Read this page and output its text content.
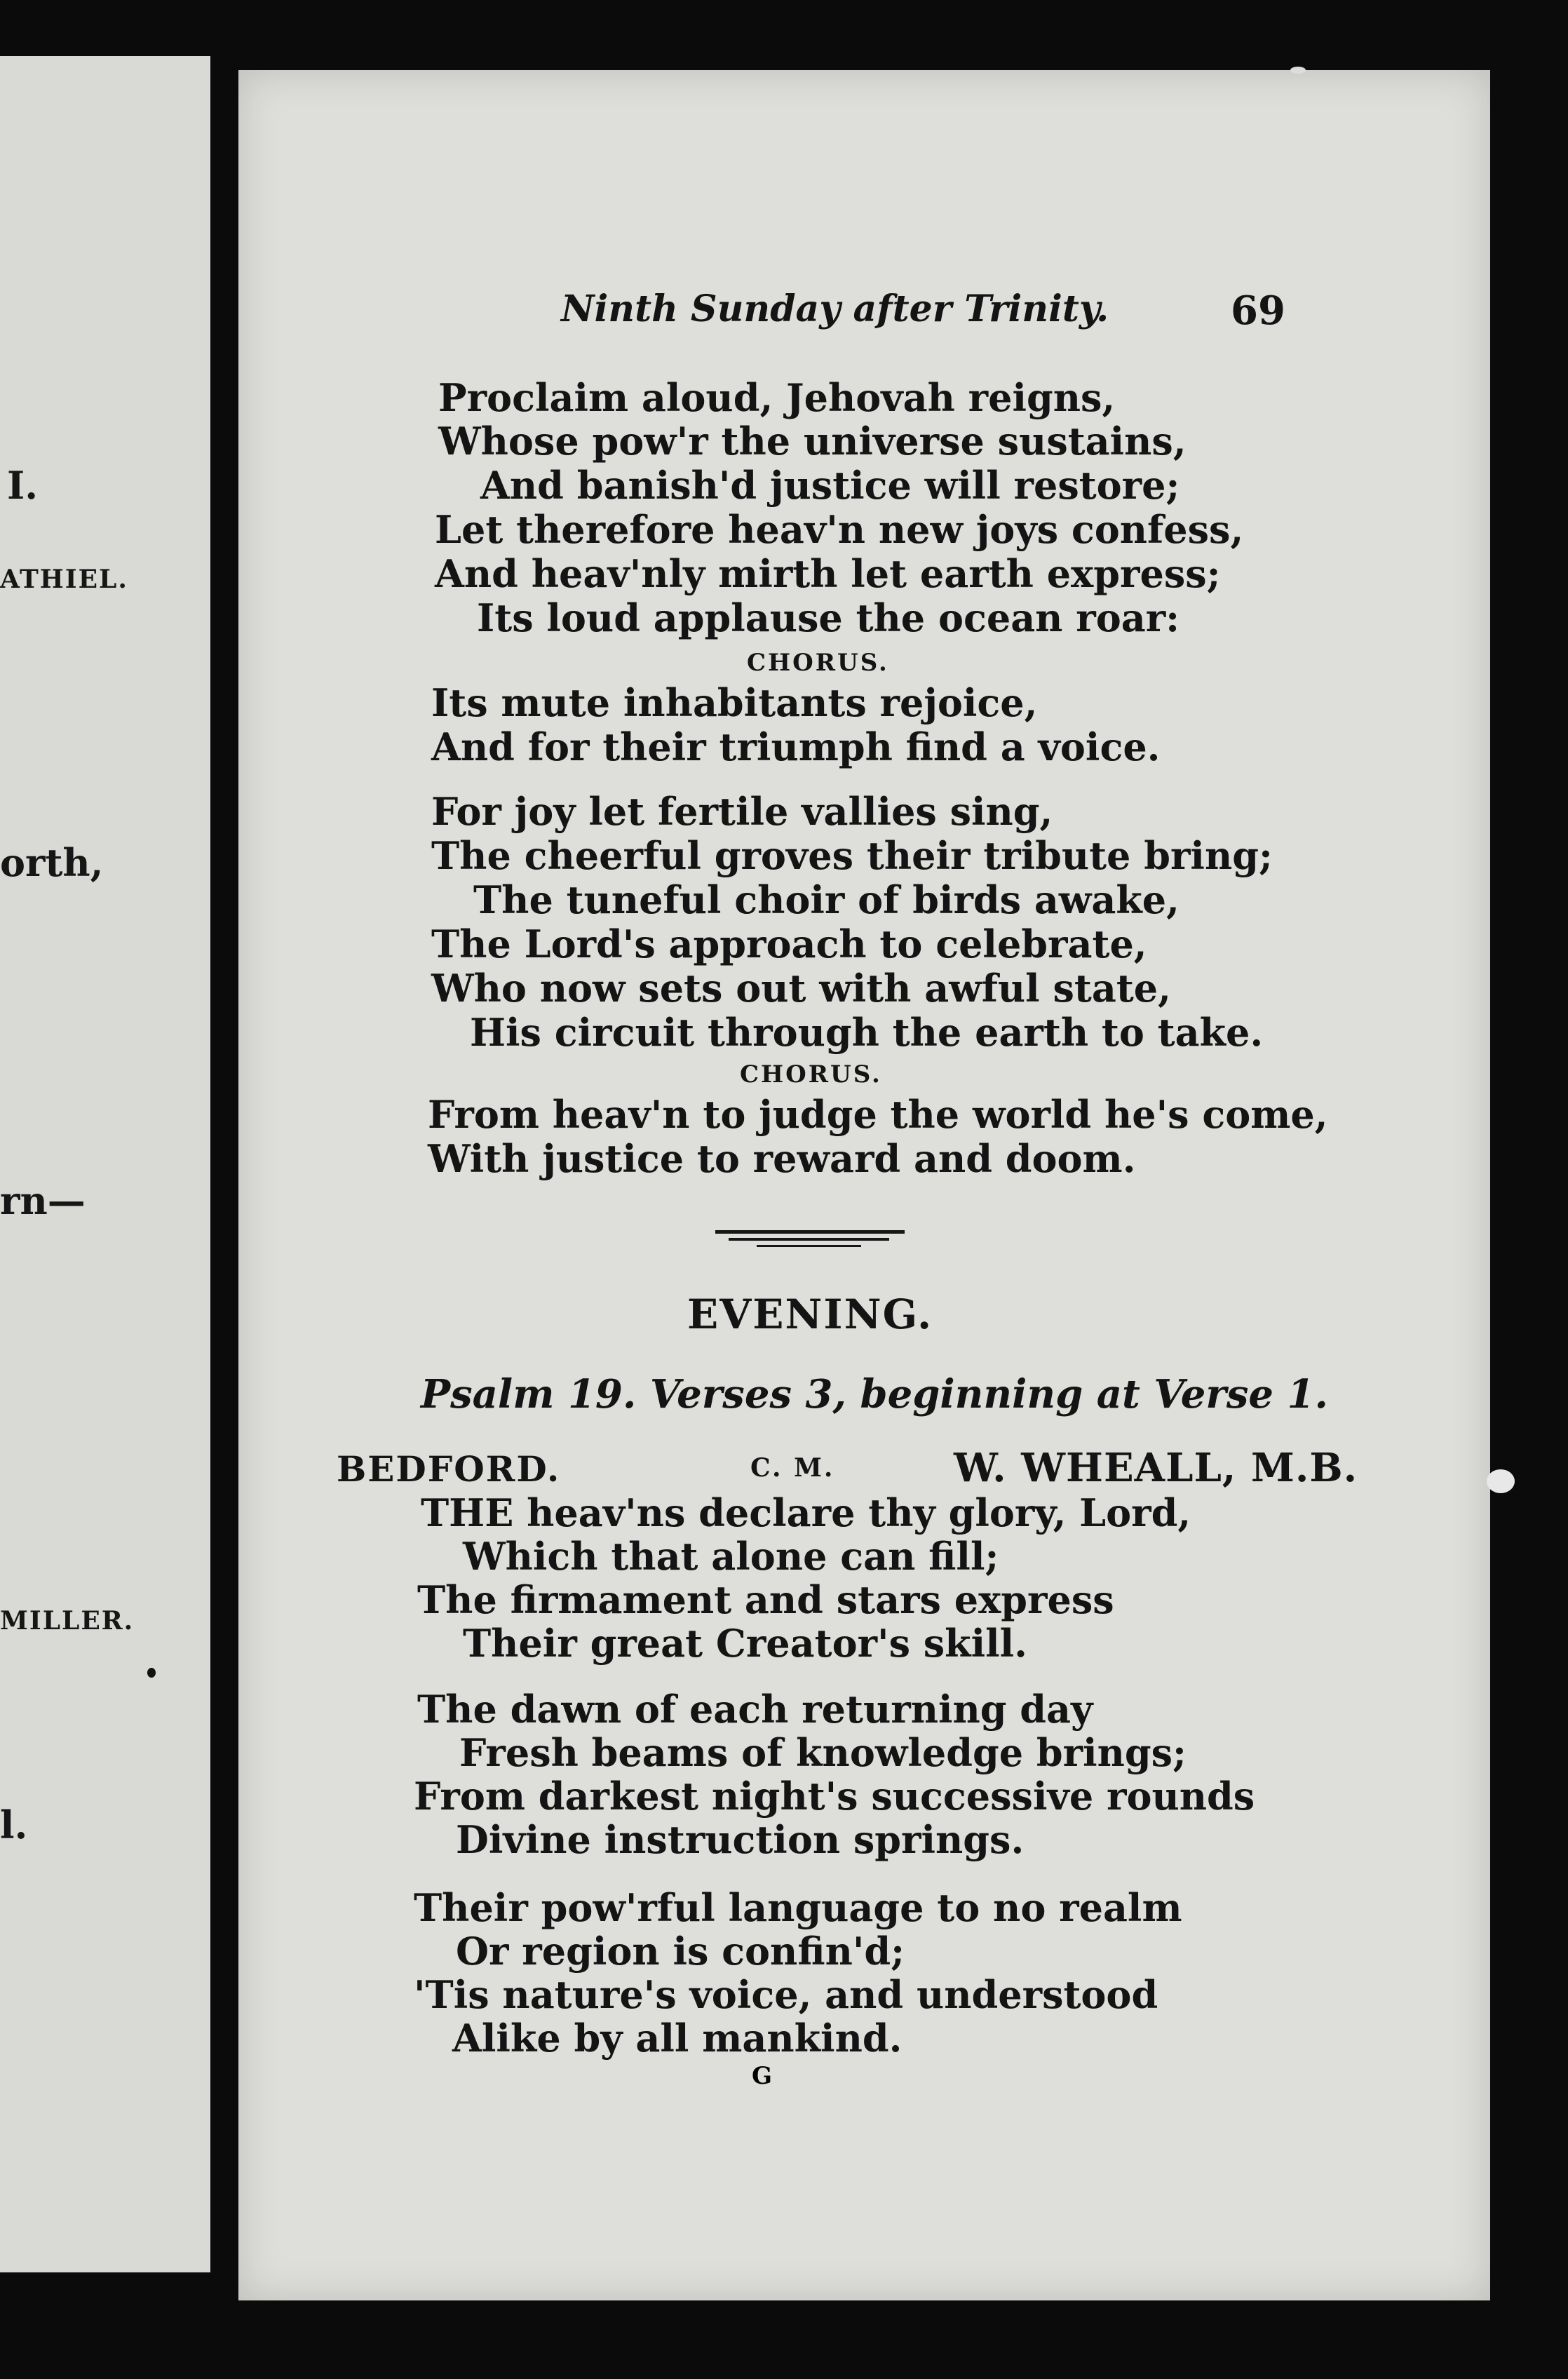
I.
ATHIEL.
orth,
rn—
MILLER.
l.
Ninth Sunday after Trinity.	69
Proclaim aloud, Jehovah reigns,
Whose pow'r the universe sustains,
And banish'd justice will restore;
Let therefore heav'n new joys confess,
And heav'nly mirth let earth express;
Its loud applause the ocean roar:
CHORUS.
Its mute inhabitants rejoice,
And for their triumph find a voice.
For joy let fertile vallies sing,
The cheerful groves their tribute bring;
The tuneful choir of birds awake,
The Lord's approach to celebrate,
Who now sets out with awful state,
His circuit through the earth to take.
CHORUS.
From heav'n to judge the world he's come,
With justice to reward and doom.
EVENING.
Psalm 19. Verses 3, beginning at Verse 1.
BEDFORD.	C. M.	W. WHEALL, M.B.
THE heav'ns declare thy glory, Lord,
Which that alone can fill;
The firmament and stars express
Their great Creator's skill.
The dawn of each returning day
Fresh beams of knowledge brings;
From darkest night's successive rounds
Divine instruction springs.
Their pow'rful language to no realm
Or region is confin'd;
'Tis nature's voice, and understood
Alike by all mankind.
G
